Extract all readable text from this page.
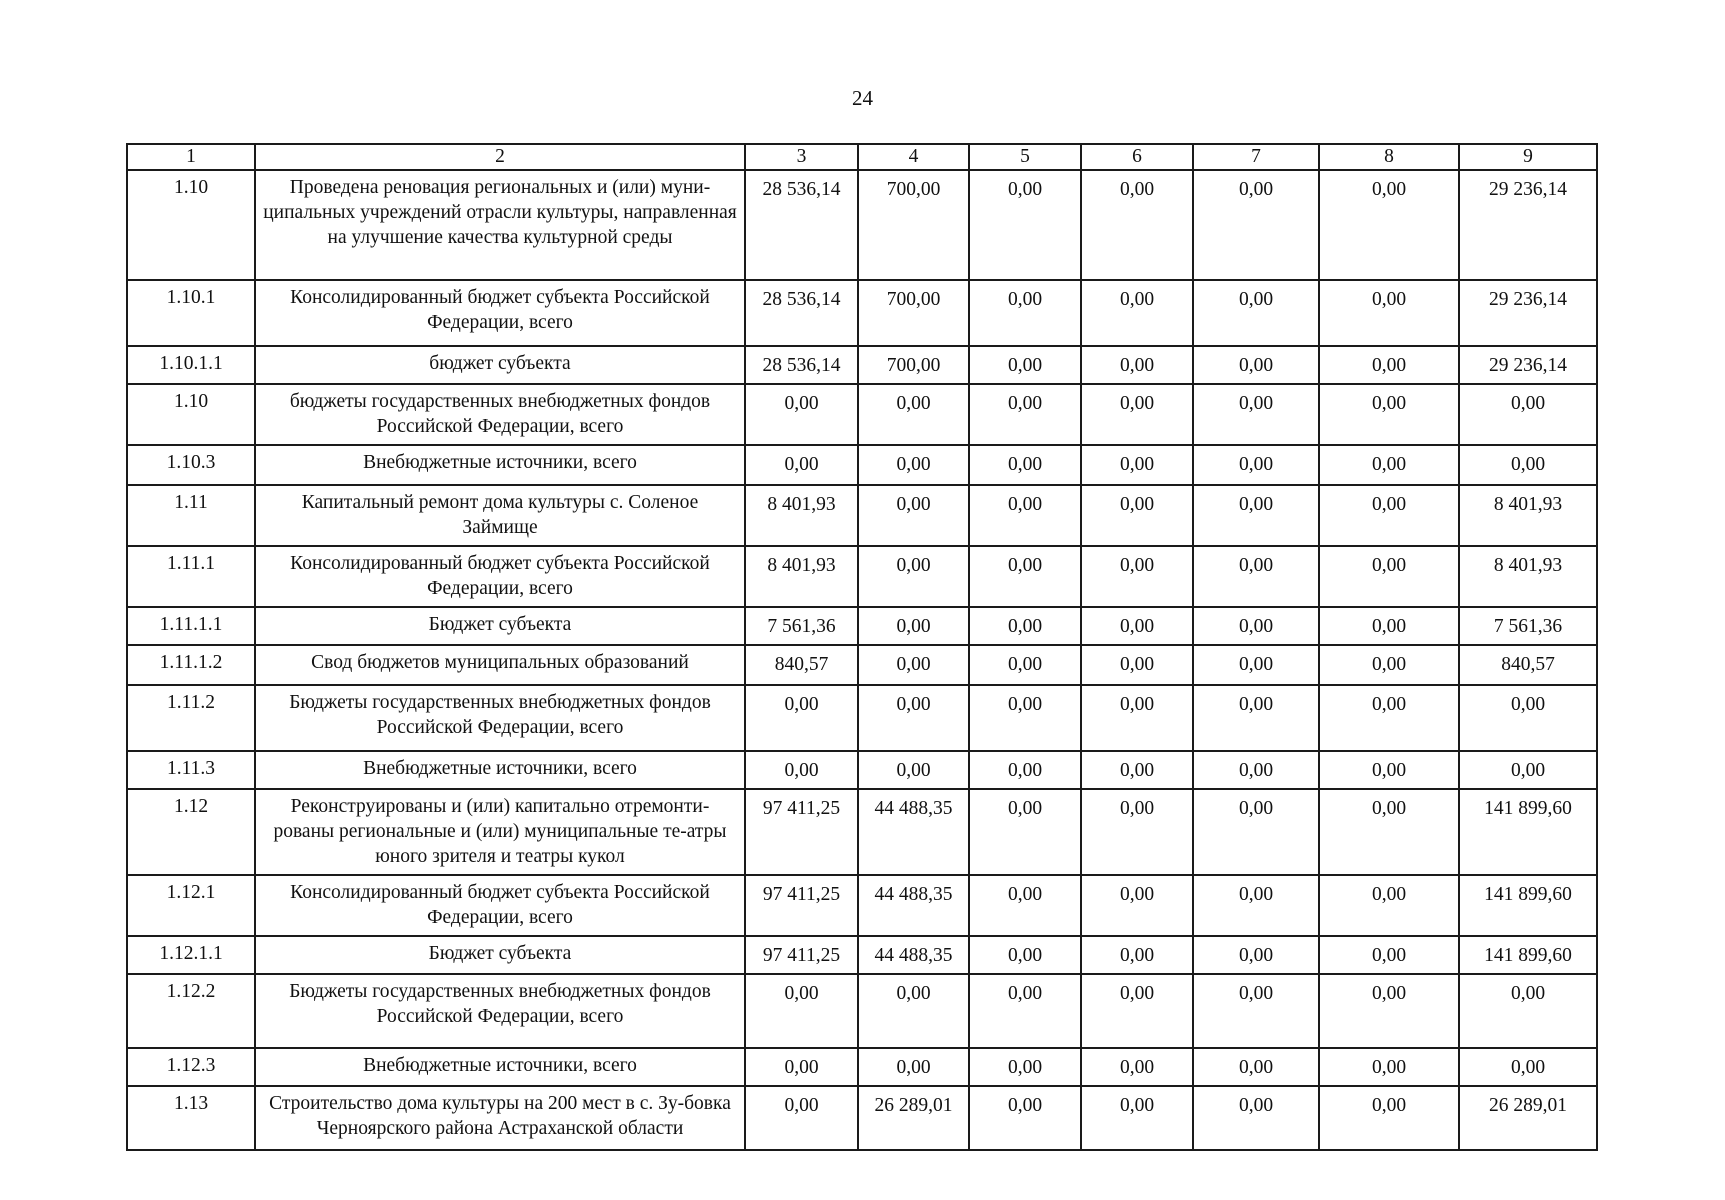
24
1	2	3	4	5	6	7	8	9
1.10	Проведена реновация региональных и (или) муни-ципальных учреждений отрасли культуры, направленная на улучшение качества культурной среды	28 536,14	700,00	0,00	0,00	0,00	0,00	29 236,14
1.10.1	Консолидированный бюджет субъекта Российской Федерации, всего	28 536,14	700,00	0,00	0,00	0,00	0,00	29 236,14
1.10.1.1	бюджет субъекта	28 536,14	700,00	0,00	0,00	0,00	0,00	29 236,14
1.10	бюджеты государственных внебюджетных фондов Российской Федерации, всего	0,00	0,00	0,00	0,00	0,00	0,00	0,00
1.10.3	Внебюджетные источники, всего	0,00	0,00	0,00	0,00	0,00	0,00	0,00
1.11	Капитальный ремонт дома культуры с. Соленое Займище	8 401,93	0,00	0,00	0,00	0,00	0,00	8 401,93
1.11.1	Консолидированный бюджет субъекта Российской Федерации, всего	8 401,93	0,00	0,00	0,00	0,00	0,00	8 401,93
1.11.1.1	Бюджет субъекта	7 561,36	0,00	0,00	0,00	0,00	0,00	7 561,36
1.11.1.2	Свод бюджетов муниципальных образований	840,57	0,00	0,00	0,00	0,00	0,00	840,57
1.11.2	Бюджеты государственных внебюджетных фондов Российской Федерации, всего	0,00	0,00	0,00	0,00	0,00	0,00	0,00
1.11.3	Внебюджетные источники, всего	0,00	0,00	0,00	0,00	0,00	0,00	0,00
1.12	Реконструированы и (или) капитально отремонти-рованы региональные и (или) муниципальные те-атры юного зрителя и театры кукол	97 411,25	44 488,35	0,00	0,00	0,00	0,00	141 899,60
1.12.1	Консолидированный бюджет субъекта Российской Федерации, всего	97 411,25	44 488,35	0,00	0,00	0,00	0,00	141 899,60
1.12.1.1	Бюджет субъекта	97 411,25	44 488,35	0,00	0,00	0,00	0,00	141 899,60
1.12.2	Бюджеты государственных внебюджетных фондов Российской Федерации, всего	0,00	0,00	0,00	0,00	0,00	0,00	0,00
1.12.3	Внебюджетные источники, всего	0,00	0,00	0,00	0,00	0,00	0,00	0,00
1.13	Строительство дома культуры на 200 мест в с. Зу-бовка Черноярского района Астраханской области	0,00	26 289,01	0,00	0,00	0,00	0,00	26 289,01
